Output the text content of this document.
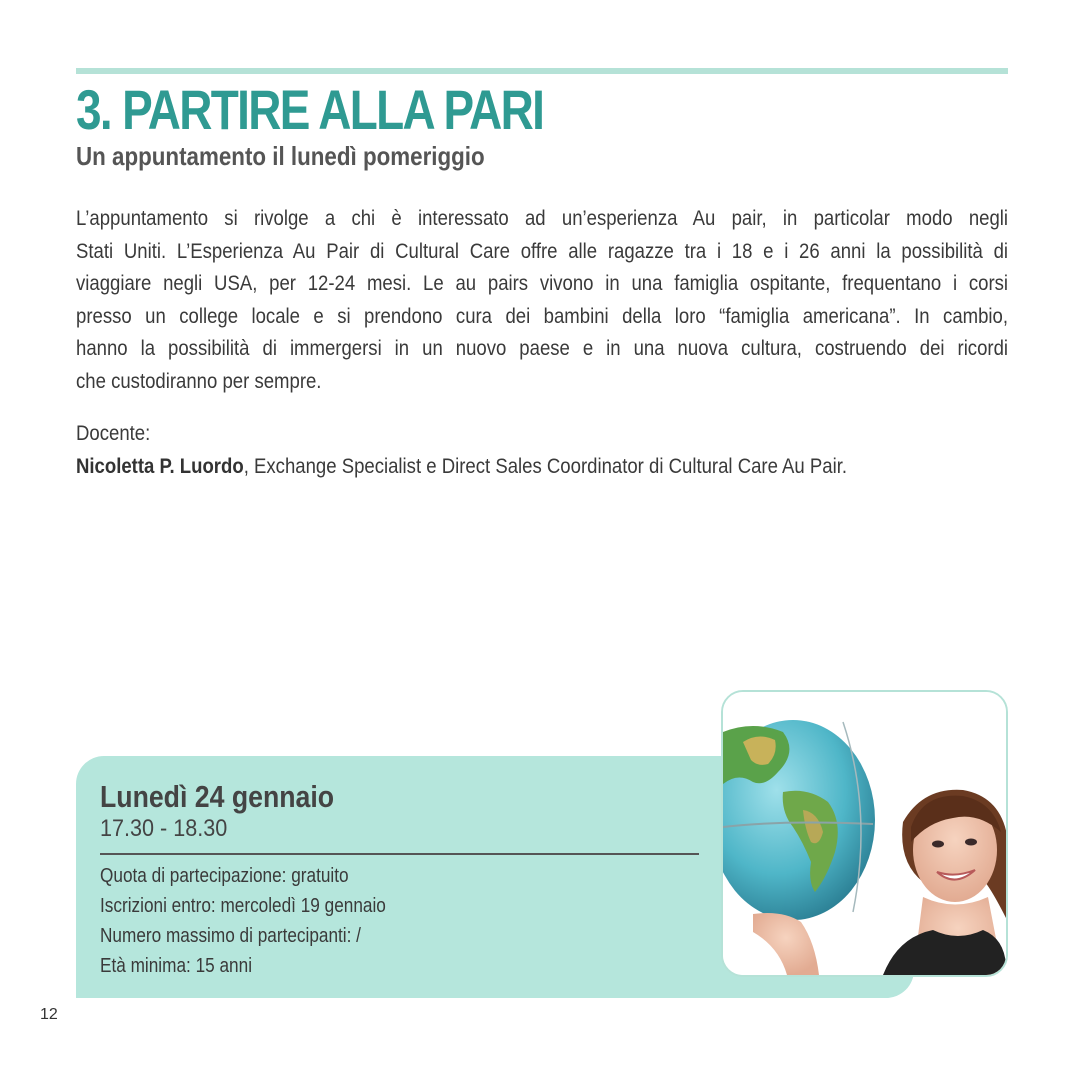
3. PARTIRE ALLA PARI
Un appuntamento il lunedì pomeriggio
L’appuntamento si rivolge a chi è interessato ad un’esperienza Au pair, in particolar modo negli
Stati Uniti. L’Esperienza Au Pair di Cultural Care offre alle ragazze tra i 18 e i 26 anni la possibilità di
viaggiare negli USA, per 12-24 mesi. Le au pairs vivono in una famiglia ospitante, frequentano i corsi
presso un college locale e si prendono cura dei bambini della loro “famiglia americana”. In cambio,
hanno la possibilità di immergersi in un nuovo paese e in una nuova cultura, costruendo dei ricordi
che custodiranno per sempre.
Docente:
Nicoletta P. Luordo, Exchange Specialist e Direct Sales Coordinator di Cultural Care Au Pair.
Lunedì 24 gennaio
17.30 - 18.30
Quota di partecipazione: gratuito
Iscrizioni entro: mercoledì 19 gennaio
Numero massimo di partecipanti: /
Età minima: 15 anni
12
